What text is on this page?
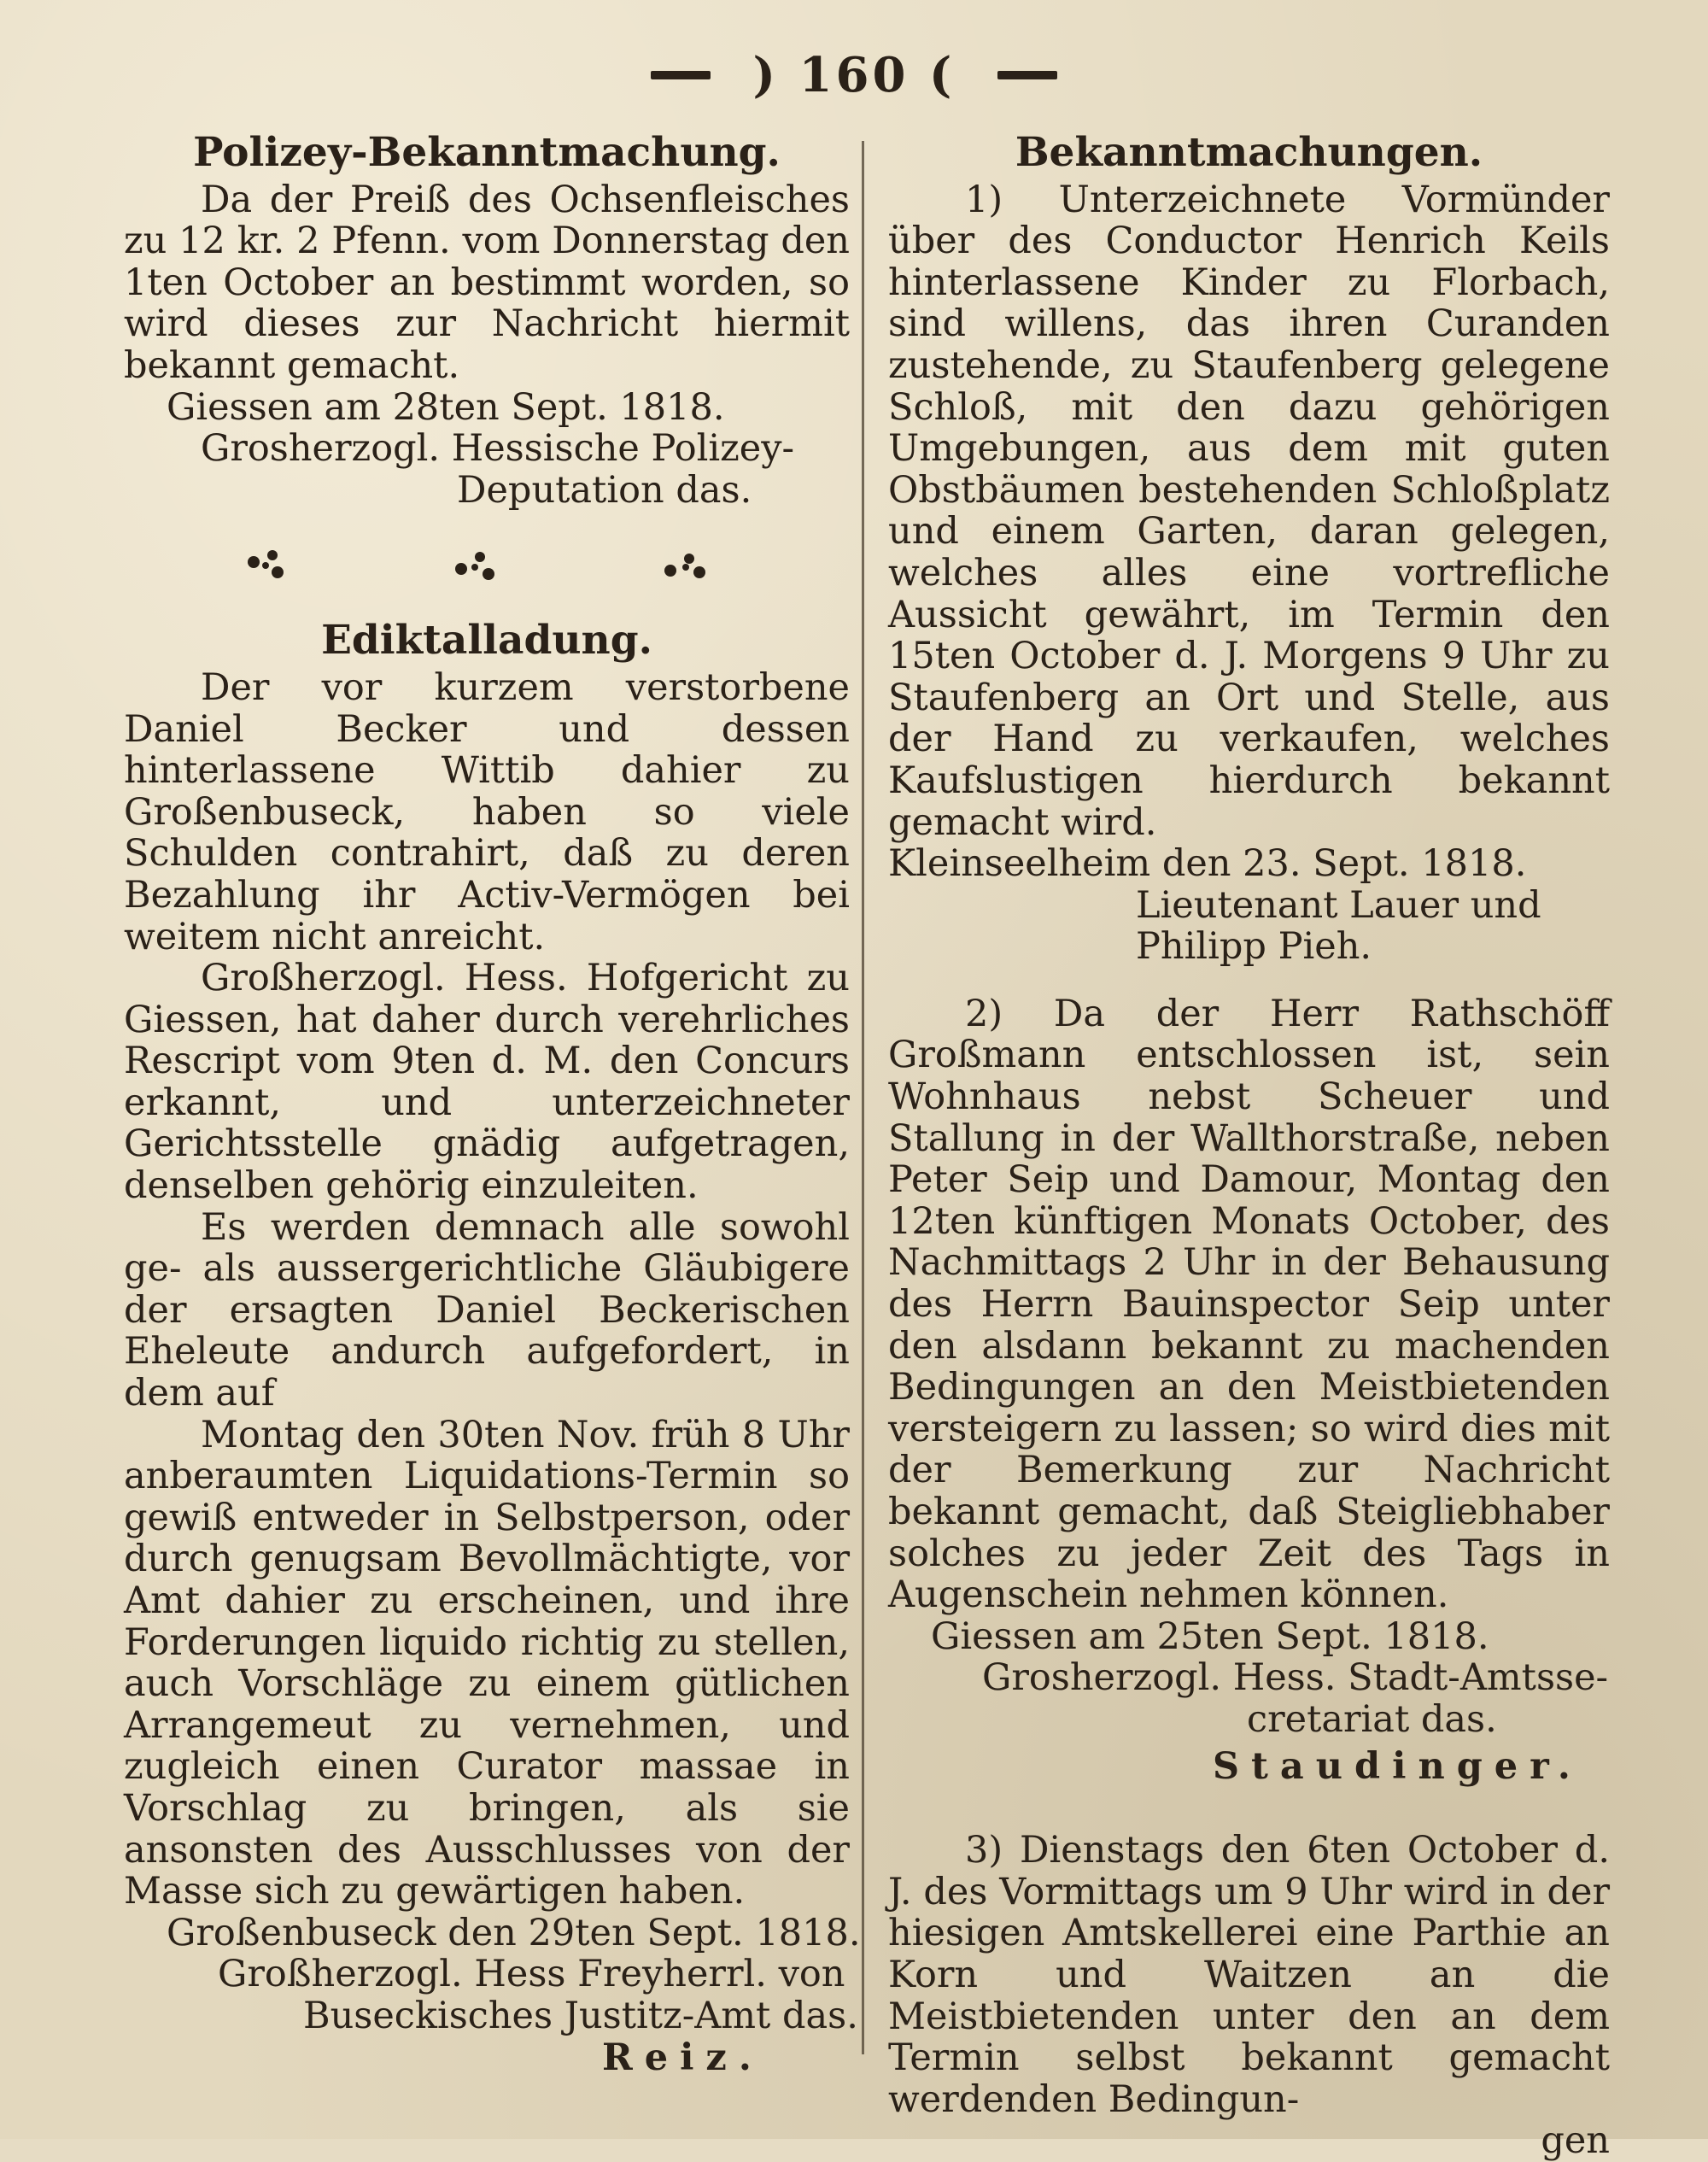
) 160 (
Polizey-Bekanntmachung.

Da der Preiß des Ochsenfleisches zu 12 kr. 2 Pfenn. vom Donnerstag den 1ten October an bestimmt worden, so wird dieses zur Nachricht hiermit bekannt gemacht.

Giessen am 28ten Sept. 1818.

Grosherzogl. Hessische Polizey-

Deputation das.

Ediktalladung.

Der vor kurzem verstorbene Daniel Becker und dessen hinterlassene Wittib dahier zu Großenbuseck, haben so viele Schulden contrahirt, daß zu deren Bezahlung ihr Activ-Vermögen bei weitem nicht anreicht.

Großherzogl. Hess. Hofgericht zu Giessen, hat daher durch verehrliches Rescript vom 9ten d. M. den Concurs erkannt, und unterzeichneter Gerichtsstelle gnädig aufgetragen, denselben gehörig einzuleiten.

Es werden demnach alle sowohl ge- als aussergerichtliche Gläubigere der ersagten Daniel Beckerischen Eheleute andurch aufgefordert, in dem auf

Montag den 30ten Nov. früh 8 Uhr anberaumten Liquidations-Termin so gewiß entweder in Selbstperson, oder durch genugsam Bevollmächtigte, vor Amt dahier zu erscheinen, und ihre Forderungen liquido richtig zu stellen, auch Vorschläge zu einem gütlichen Arrangemeut zu vernehmen, und zugleich einen Curator massae in Vorschlag zu bringen, als sie ansonsten des Ausschlusses von der Masse sich zu gewärtigen haben.

Großenbuseck den 29ten Sept. 1818.

Großherzogl. Hess Freyherrl. von

Buseckisches Justitz-Amt das.

Reiz.

Bekanntmachungen.

1) Unterzeichnete Vormünder über des Conductor Henrich Keils hinterlassene Kinder zu Florbach, sind willens, das ihren Curanden zustehende, zu Staufenberg gelegene Schloß, mit den dazu gehörigen Umgebungen, aus dem mit guten Obstbäumen bestehenden Schloßplatz und einem Garten, daran gelegen, welches alles eine vortrefliche Aussicht gewährt, im Termin den 15ten October d. J. Morgens 9 Uhr zu Staufenberg an Ort und Stelle, aus der Hand zu verkaufen, welches Kaufslustigen hierdurch bekannt gemacht wird.

Kleinseelheim den 23. Sept. 1818.

Lieutenant Lauer und

Philipp Pieh.

2) Da der Herr Rathschöff Großmann entschlossen ist, sein Wohnhaus nebst Scheuer und Stallung in der Wallthorstraße, neben Peter Seip und Damour, Montag den 12ten künftigen Monats October, des Nachmittags 2 Uhr in der Behausung des Herrn Bauinspector Seip unter den alsdann bekannt zu machenden Bedingungen an den Meistbietenden versteigern zu lassen; so wird dies mit der Bemerkung zur Nachricht bekannt gemacht, daß Steigliebhaber solches zu jeder Zeit des Tags in Augenschein nehmen können.

Giessen am 25ten Sept. 1818.

Grosherzogl. Hess. Stadt-Amtsse-

cretariat das.

Staudinger.

3) Dienstags den 6ten October d. J. des Vormittags um 9 Uhr wird in der hiesigen Amtskellerei eine Parthie an Korn und Waitzen an die Meistbietenden unter den an dem Termin selbst bekannt gemacht werdenden Bedingun-

gen
